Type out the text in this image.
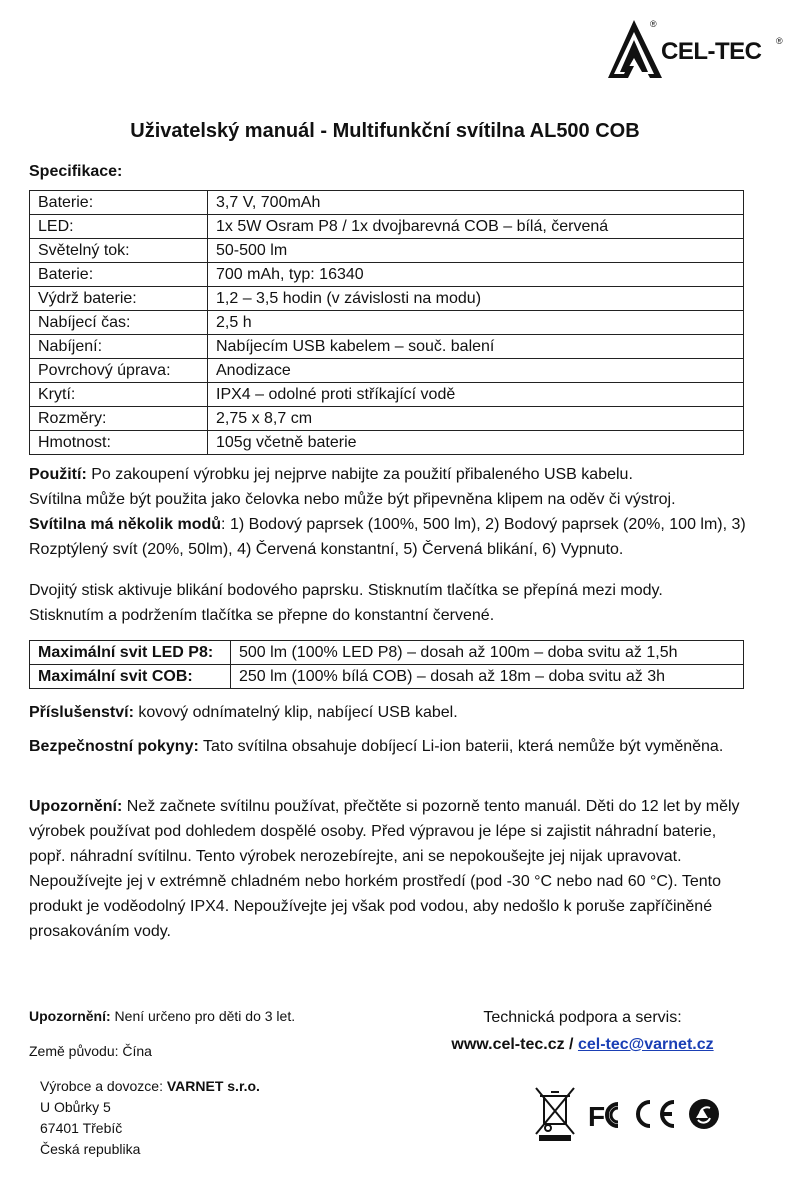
®
CEL-TEC ®
Uživatelský manuál - Multifunkční svítilna AL500 COB
Specifikace:
Baterie:	3,7 V, 700mAh
LED:	1x 5W Osram P8 / 1x dvojbarevná COB – bílá, červená
Světelný tok:	50-500 lm
Baterie:	700 mAh, typ: 16340
Výdrž baterie:	1,2 – 3,5 hodin (v závislosti na modu)
Nabíjecí čas:	2,5 h
Nabíjení:	Nabíjecím USB kabelem – souč. balení
Povrchový úprava:	Anodizace
Krytí:	IPX4 – odolné proti stříkající vodě
Rozměry:	2,75 x 8,7 cm
Hmotnost:	105g včetně baterie
Použití: Po zakoupení výrobku jej nejprve nabijte za použití přibaleného USB kabelu.
Svítilna může být použita jako čelovka nebo může být připevněna klipem na oděv či výstroj.
Svítilna má několik modů: 1) Bodový paprsek (100%, 500 lm), 2) Bodový paprsek (20%, 100 lm), 3) Rozptýlený svít (20%, 50lm), 4) Červená konstantní, 5) Červená blikání, 6) Vypnuto.
Dvojitý stisk aktivuje blikání bodového paprsku. Stisknutím tlačítka se přepíná mezi mody.
Stisknutím a podržením tlačítka se přepne do konstantní červené.
Maximální svit LED P8:	500 lm (100% LED P8) – dosah až 100m – doba svitu až 1,5h
Maximální svit COB:	250 lm (100% bílá COB) – dosah až 18m – doba svitu až 3h
Příslušenství: kovový odnímatelný klip, nabíjecí USB kabel.
Bezpečnostní pokyny: Tato svítilna obsahuje dobíjecí Li-ion baterii, která nemůže být vyměněna.
Upozornění: Než začnete svítilnu používat, přečtěte si pozorně tento manuál. Děti do 12 let by měly výrobek používat pod dohledem dospělé osoby. Před výpravou je lépe si zajistit náhradní baterie, popř. náhradní svítilnu. Tento výrobek nerozebírejte, ani se nepokoušejte jej nijak upravovat.
Nepoužívejte jej v extrémně chladném nebo horkém prostředí (pod -30 °C nebo nad 60 °C). Tento produkt je voděodolný IPX4. Nepoužívejte jej však pod vodou, aby nedošlo k poruše zapříčiněné prosakováním vody.
Upozornění: Není určeno pro děti do 3 let.
Země původu: Čína
Výrobce a dovozce: VARNET s.r.o.
U Obůrky 5
67401 Třebíč
Česká republika
Technická podpora a servis:
www.cel-tec.cz / cel-tec@varnet.cz
F
